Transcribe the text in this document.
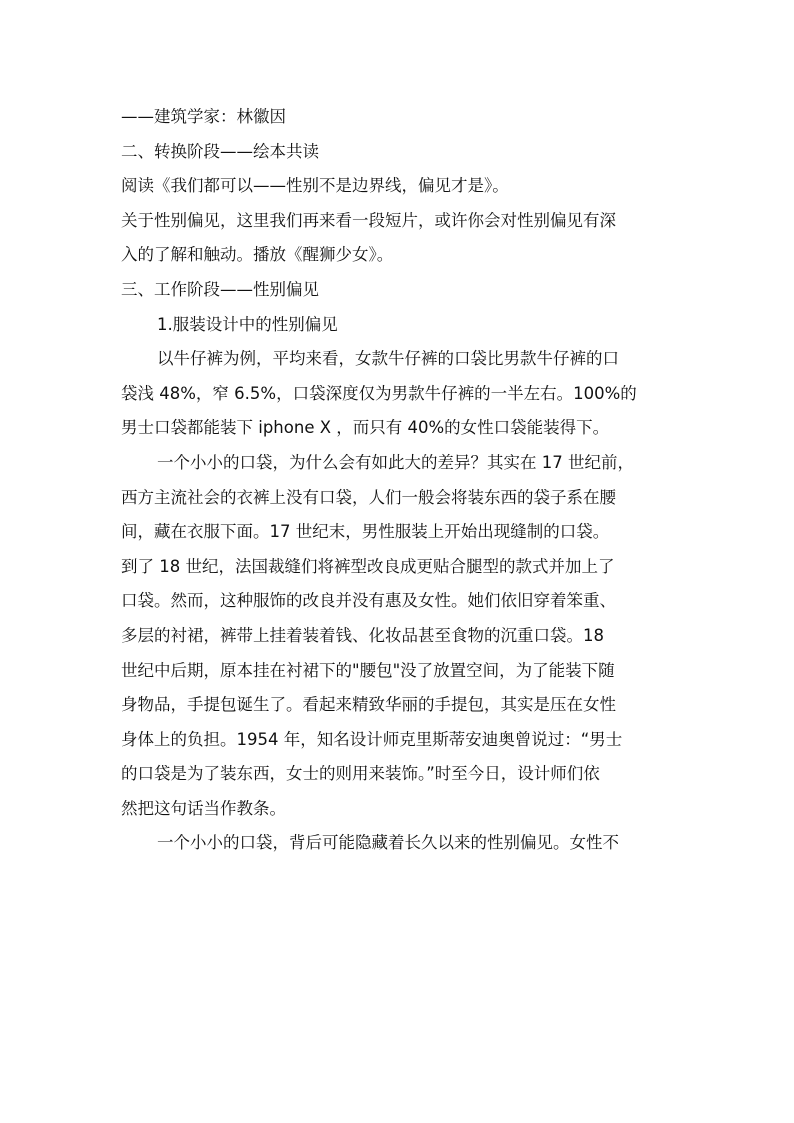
——建筑学家：林徽因
二、转换阶段——绘本共读
阅读《我们都可以——性别不是边界线，偏见才是》。
关于性别偏见，这里我们再来看一段短片，或许你会对性别偏见有深
入的了解和触动。播放《醒狮少女》。
三、工作阶段——性别偏见
1.服装设计中的性别偏见
以牛仔裤为例，平均来看，女款牛仔裤的口袋比男款牛仔裤的口
袋浅 48%，窄 6.5%，口袋深度仅为男款牛仔裤的一半左右。100%的
男士口袋都能装下 iphone X ，而只有 40%的女性口袋能装得下。
一个小小的口袋，为什么会有如此大的差异？其实在 17 世纪前，
西方主流社会的衣裤上没有口袋，人们一般会将装东西的袋子系在腰
间，藏在衣服下面。17 世纪末，男性服装上开始出现缝制的口袋。
到了 18 世纪，法国裁缝们将裤型改良成更贴合腿型的款式并加上了
口袋。然而，这种服饰的改良并没有惠及女性。她们依旧穿着笨重、
多层的衬裙，裤带上挂着装着钱、化妆品甚至食物的沉重口袋。18
世纪中后期，原本挂在衬裙下的"腰包"没了放置空间，为了能装下随
身物品，手提包诞生了。看起来精致华丽的手提包，其实是压在女性
身体上的负担。1954 年，知名设计师克里斯蒂安迪奥曾说过：“男士
的口袋是为了装东西，女士的则用来装饰。”时至今日，设计师们依
然把这句话当作教条。
一个小小的口袋，背后可能隐藏着长久以来的性别偏见。女性不
